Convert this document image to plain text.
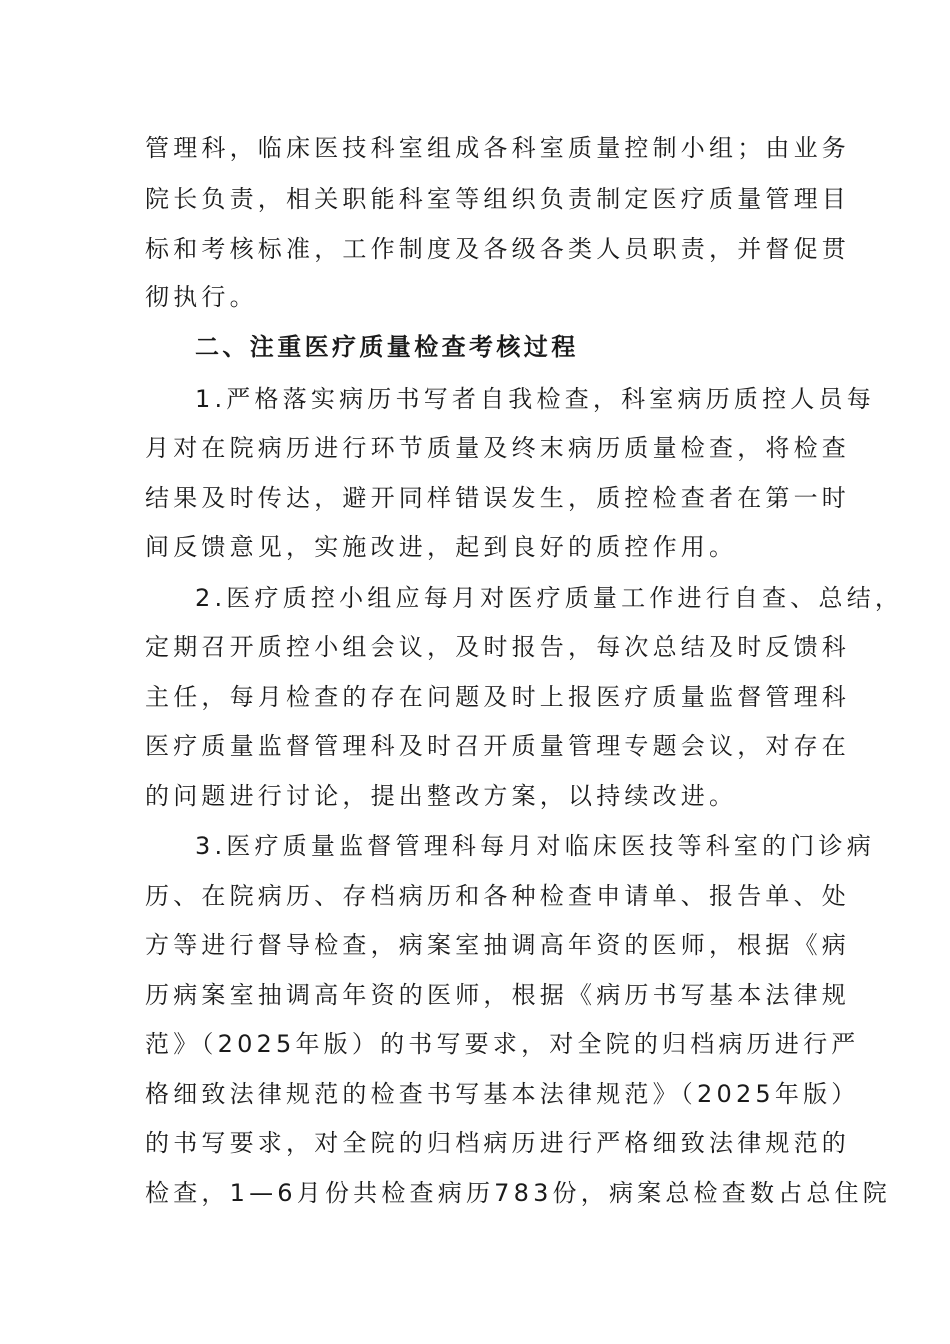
管理科，临床医技科室组成各科室质量控制小组；由业务
院长负责，相关职能科室等组织负责制定医疗质量管理目
标和考核标准，工作制度及各级各类人员职责，并督促贯
彻执行。
二、注重医疗质量检查考核过程
1.严格落实病历书写者自我检查，科室病历质控人员每
月对在院病历进行环节质量及终末病历质量检查，将检查
结果及时传达，避开同样错误发生，质控检查者在第一时
间反馈意见，实施改进，起到良好的质控作用。
2.医疗质控小组应每月对医疗质量工作进行自查、总结，
定期召开质控小组会议，及时报告，每次总结及时反馈科
主任，每月检查的存在问题及时上报医疗质量监督管理科
医疗质量监督管理科及时召开质量管理专题会议，对存在
的问题进行讨论，提出整改方案，以持续改进。
3.医疗质量监督管理科每月对临床医技等科室的门诊病
历、在院病历、存档病历和各种检查申请单、报告单、处
方等进行督导检查，病案室抽调高年资的医师，根据《病
历病案室抽调高年资的医师，根据《病历书写基本法律规
范》（2025年版）的书写要求，对全院的归档病历进行严
格细致法律规范的检查书写基本法律规范》（2025年版）
的书写要求，对全院的归档病历进行严格细致法律规范的
检查，1—6月份共检查病历783份，病案总检查数占总住院
